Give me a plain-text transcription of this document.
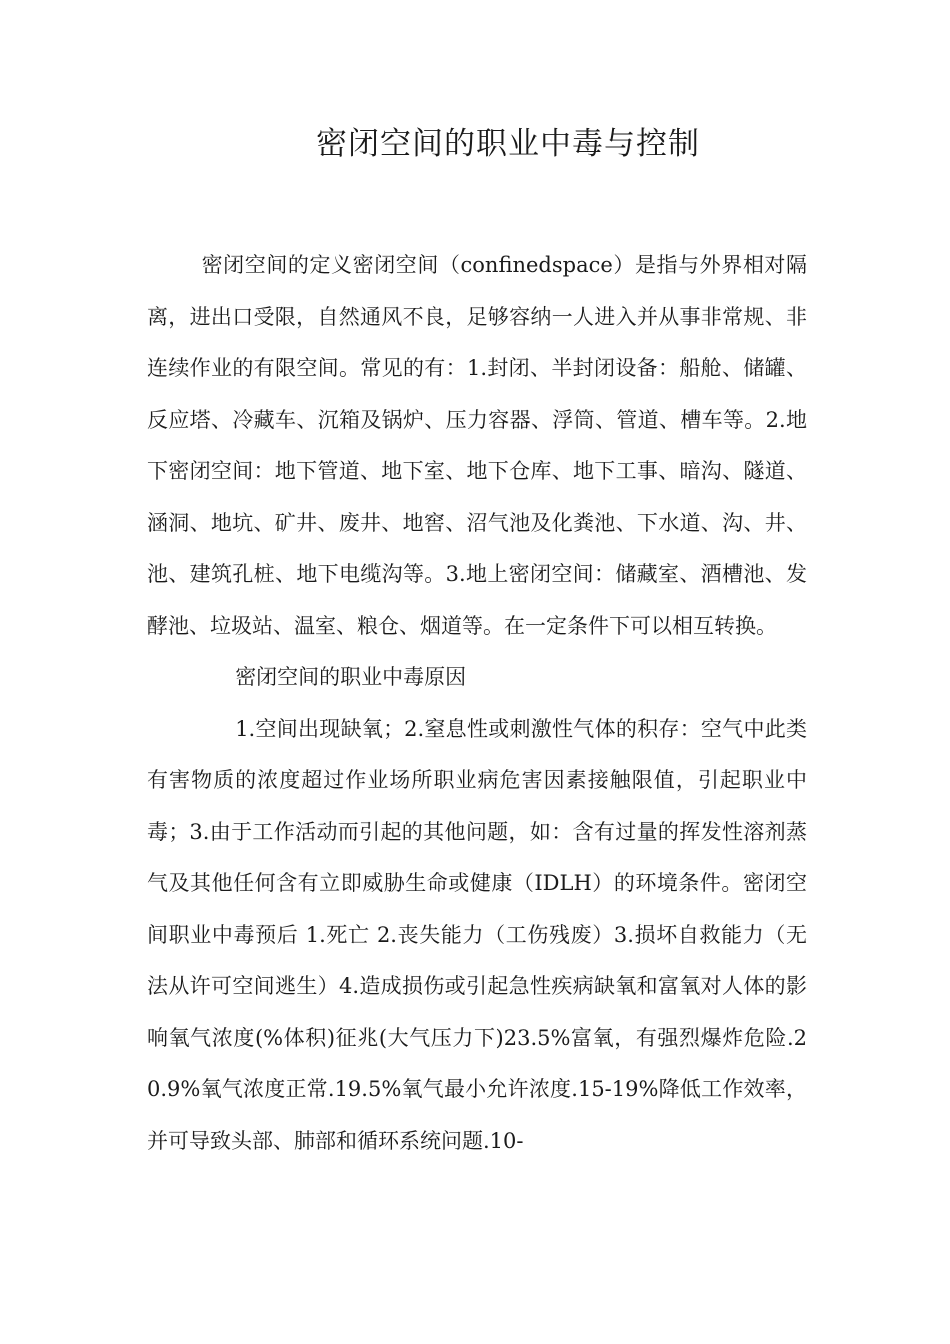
密闭空间的职业中毒与控制

密闭空间的定义密闭空间（confinedspace）是指与外界相对隔离，进出口受限，自然通风不良，足够容纳一人进入并从事非常规、非连续作业的有限空间。常见的有：1.封闭、半封闭设备：船舱、储罐、反应塔、冷藏车、沉箱及锅炉、压力容器、浮筒、管道、槽车等。2.地下密闭空间：地下管道、地下室、地下仓库、地下工事、暗沟、隧道、涵洞、地坑、矿井、废井、地窖、沼气池及化粪池、下水道、沟、井、池、建筑孔桩、地下电缆沟等。3.地上密闭空间：储藏室、酒槽池、发酵池、垃圾站、温室、粮仓、烟道等。在一定条件下可以相互转换。

密闭空间的职业中毒原因

1.空间出现缺氧；2.窒息性或刺激性气体的积存：空气中此类有害物质的浓度超过作业场所职业病危害因素接触限值，引起职业中毒；3.由于工作活动而引起的其他问题，如：含有过量的挥发性溶剂蒸气及其他任何含有立即威胁生命或健康（IDLH）的环境条件。密闭空间职业中毒预后 1.死亡 2.丧失能力（工伤残废）3.损坏自救能力（无法从许可空间逃生）4.造成损伤或引起急性疾病缺氧和富氧对人体的影响氧气浓度(%体积)征兆(大气压力下)23.5%富氧，有强烈爆炸危险.20.9%氧气浓度正常.19.5%氧气最小允许浓度.15-19%降低工作效率，并可导致头部、肺部和循环系统问题.10-
